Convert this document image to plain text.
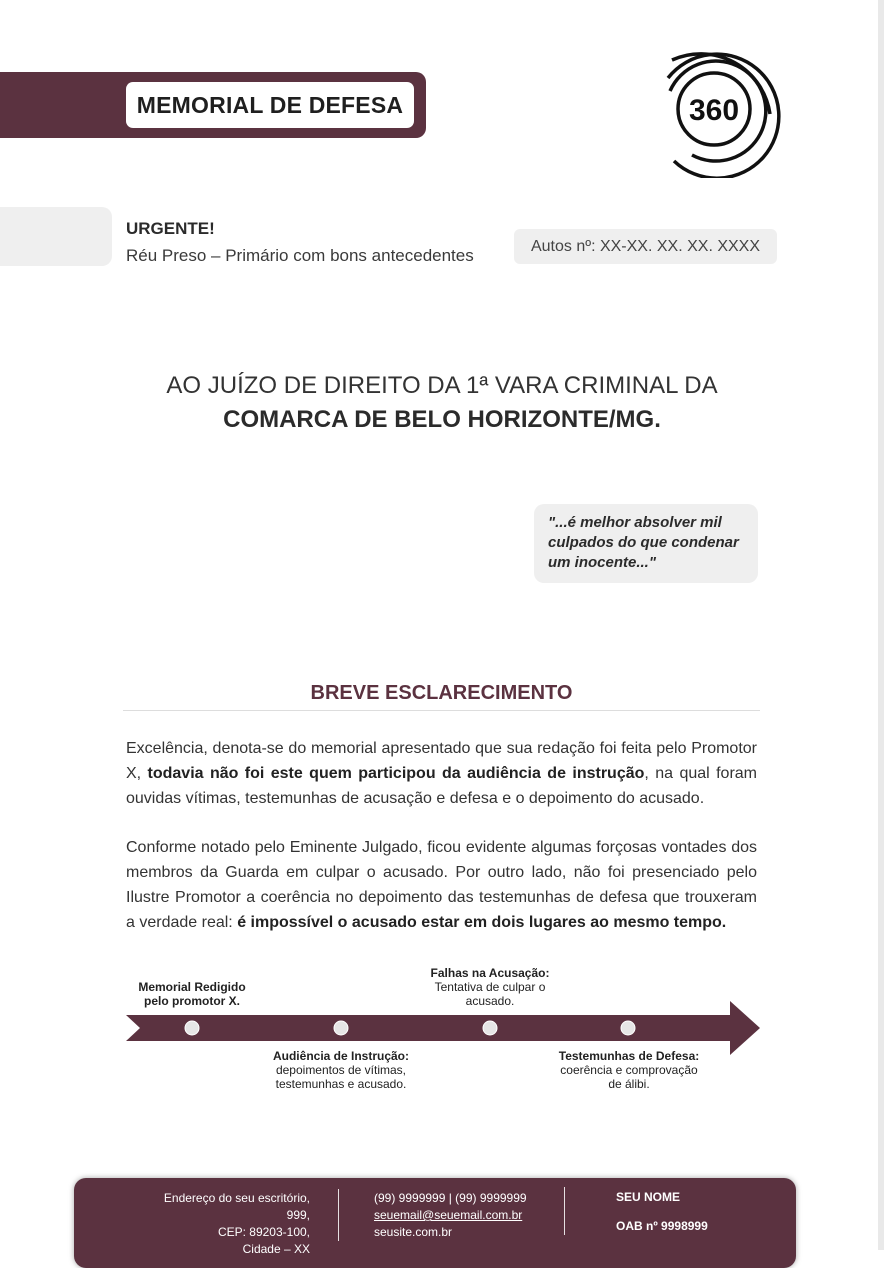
MEMORIAL DE DEFESA	360
URGENTE!
Réu Preso – Primário com bons antecedentes	Autos nº: XX-XX. XX. XX. XXXX
AO JUÍZO DE DIREITO DA 1ª VARA CRIMINAL DA
COMARCA DE BELO HORIZONTE/MG.
"...é melhor absolver mil culpados do que condenar um inocente..."
BREVE ESCLARECIMENTO
Excelência, denota-se do memorial apresentado que sua redação foi feita pelo Promotor X, todavia não foi este quem participou da audiência de instrução, na qual foram ouvidas vítimas, testemunhas de acusação e defesa e o depoimento do acusado.
Conforme notado pelo Eminente Julgado, ficou evidente algumas forçosas vontades dos membros da Guarda em culpar o acusado. Por outro lado, não foi presenciado pelo Ilustre Promotor a coerência no depoimento das testemunhas de defesa que trouxeram a verdade real: é impossível o acusado estar em dois lugares ao mesmo tempo.
Memorial Redigido pelo promotor X.
Falhas na Acusação:
Tentativa de culpar o acusado.
Audiência de Instrução:
depoimentos de vítimas, testemunhas e acusado.
Testemunhas de Defesa: coerência e comprovação de álibi.
Endereço do seu escritório, 999,
CEP: 89203-100,
Cidade – XX
(99) 9999999 | (99) 9999999
seuemail@seuemail.com.br
seusite.com.br
SEU NOME
OAB nº 9998999
